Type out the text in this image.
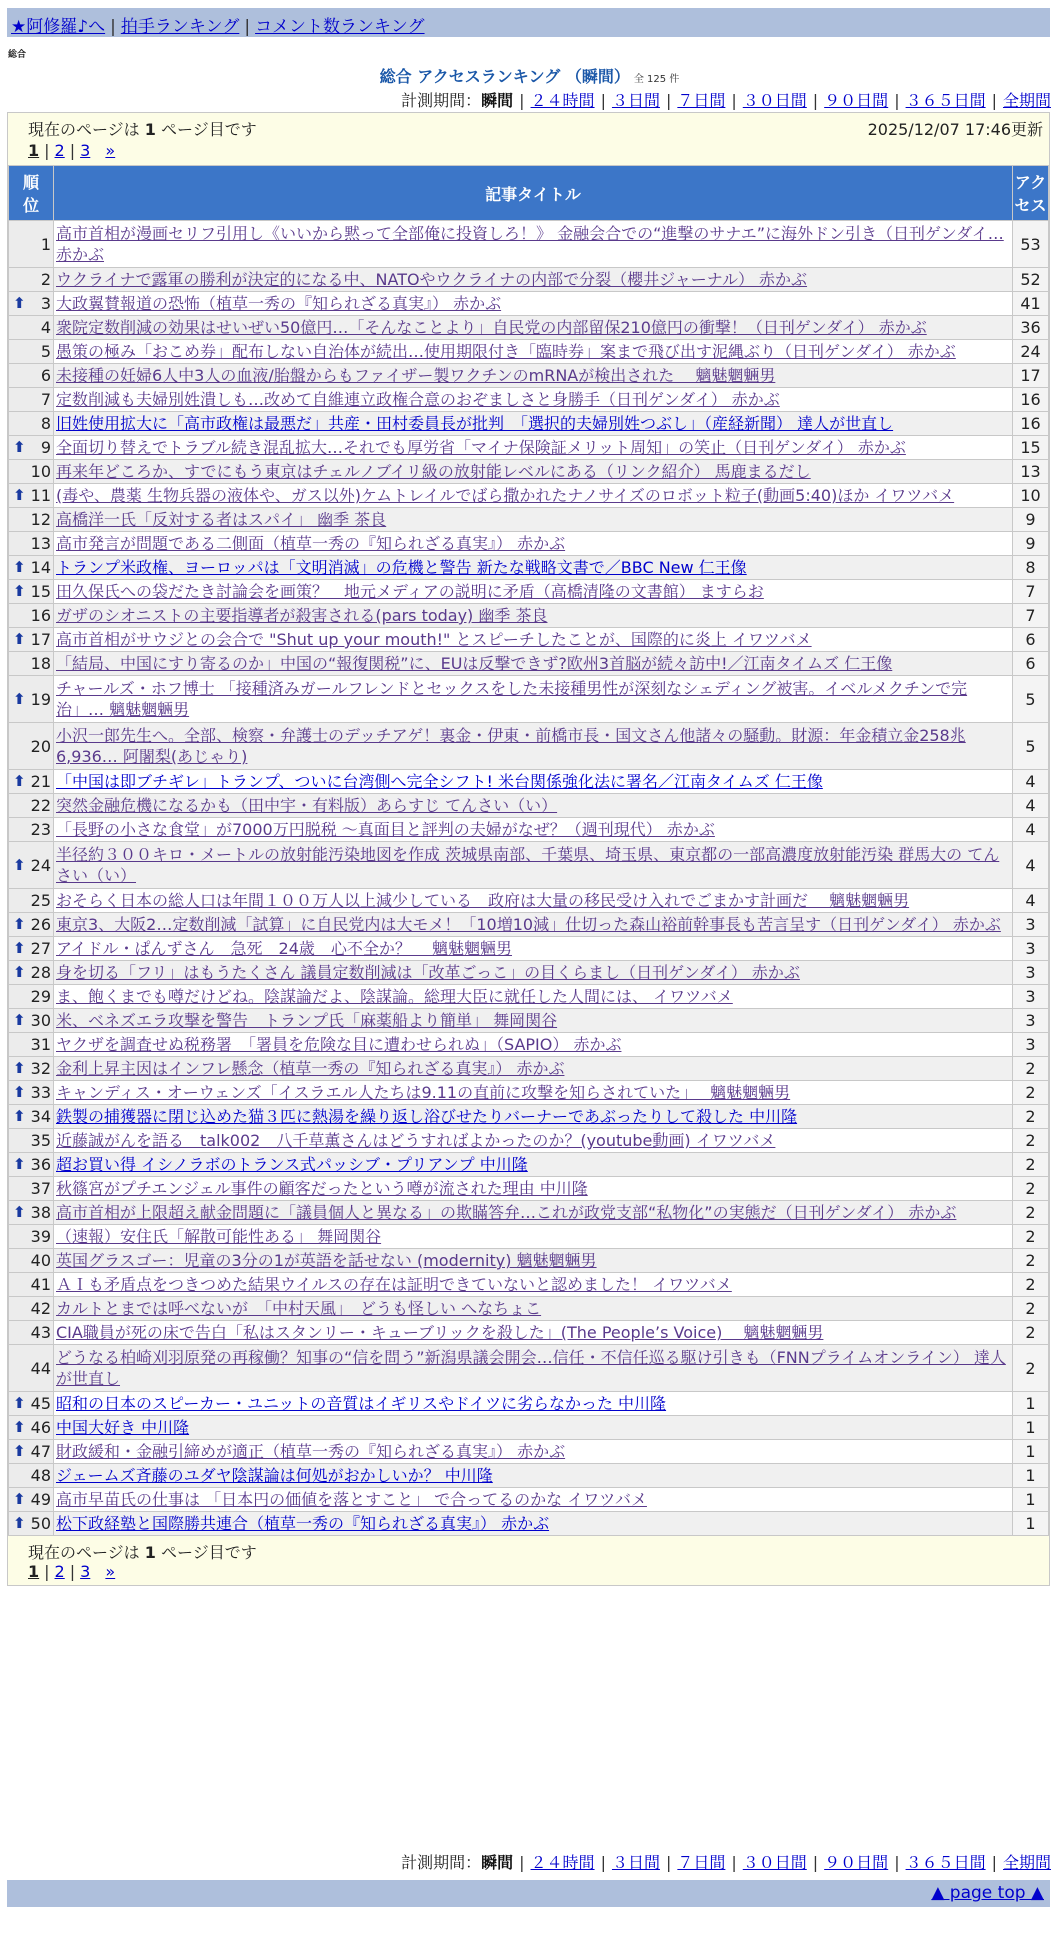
★阿修羅♪へ | 拍手ランキング | コメント数ランキング
総合
総合 アクセスランキング （瞬間） 全 125 件
計測期間：瞬間 | ２４時間 | ３日間 | ７日間 | ３０日間 | ９０日間 | ３６５日間 | 全期間
現在のページは 1 ページ目です	2025/12/07 17:46更新
1 | 2 | 3 »
順
位	記事タイトル	アク
セス
1	高市首相が漫画セリフ引用し《いいから黙って全部俺に投資しろ！》 金融会合での“進撃のサナエ”に海外ドン引き（日刊ゲンダイ… 赤かぶ	53
2	ウクライナで露軍の勝利が決定的になる中、NATOやウクライナの内部で分裂（櫻井ジャーナル） 赤かぶ	52

⬆ 3	大政翼賛報道の恐怖（植草一秀の『知られざる真実』） 赤かぶ	41
4	衆院定数削減の効果はせいぜい50億円…「そんなことより」自民党の内部留保210億円の衝撃！（日刊ゲンダイ） 赤かぶ	36
5	愚策の極み「おこめ券」配布しない自治体が続出…使用期限付き「臨時券」案まで飛び出す泥縄ぶり（日刊ゲンダイ） 赤かぶ	24
6	未接種の妊婦6人中3人の血液/胎盤からもファイザー製ワクチンのmRNAが検出された　 魑魅魍魎男	17
7	定数削減も夫婦別姓潰しも…改めて自維連立政権合意のおぞましさと身勝手（日刊ゲンダイ） 赤かぶ	16
8	旧姓使用拡大に「高市政権は最悪だ」共産・田村委員長が批判　「選択的夫婦別姓つぶし」（産経新聞） 達人が世直し	16

⬆ 9	全面切り替えでトラブル続き混乱拡大…それでも厚労省「マイナ保険証メリット周知」の笑止（日刊ゲンダイ） 赤かぶ	15
10	再来年どころか、すでにもう東京はチェルノブイリ級の放射能レベルにある（リンク紹介） 馬鹿まるだし	13

⬆ 11	(毒や、農薬 生物兵器の液体や、ガス以外)ケムトレイルでばら撒かれたナノサイズのロボット粒子(動画5:40)ほか イワツバメ	10
12	高橋洋一氏「反対する者はスパイ」 幽季 茶良	9
13	高市発言が問題である二側面（植草一秀の『知られざる真実』） 赤かぶ	9

⬆ 14	トランプ米政権、ヨーロッパは「文明消滅」の危機と警告 新たな戦略文書で／BBC New 仁王像	8

⬆ 15	田久保氏への袋だたき討論会を画策？　地元メディアの説明に矛盾（高橋清隆の文書館） ますらお	7
16	ガザのシオニストの主要指導者が殺害される(pars today) 幽季 茶良	7

⬆ 17	高市首相がサウジとの会合で "Shut up your mouth!" とスピーチしたことが、国際的に炎上 イワツバメ	6
18	「結局、中国にすり寄るのか」中国の“報復関税”に、EUは反撃できず?欧州3首脳が続々訪中!／江南タイムズ 仁王像	6

⬆ 19	チャールズ・ホフ博士 「接種済みガールフレンドとセックスをした未接種男性が深刻なシェディング被害。イベルメクチンで完治」… 魑魅魍魎男	5
20	小沢一郎先生へ。全部、検察・弁護士のデッチアゲ！裏金・伊東・前橋市長・国文さん他諸々の騒動。財源：年金積立金258兆6,936… 阿闍梨(あじゃり)	5

⬆ 21	「中国は即ブチギレ」トランプ、ついに台湾側へ完全シフト! 米台関係強化法に署名／江南タイムズ 仁王像	4
22	突然金融危機になるかも（田中宇・有料版）あらすじ てんさい（い）	4
23	「長野の小さな食堂」が7000万円脱税 ～真面目と評判の夫婦がなぜ？（週刊現代） 赤かぶ	4

⬆ 24	半径約３００キロ・メートルの放射能汚染地図を作成 茨城県南部、千葉県、埼玉県、東京都の一部高濃度放射能汚染 群馬大の てんさい（い）	4
25	おそらく日本の総人口は年間１００万人以上減少している　政府は大量の移民受け入れでごまかす計画だ　 魑魅魍魎男	4

⬆ 26	東京3、大阪2…定数削減「試算」に自民党内は大モメ！「10増10減」仕切った森山裕前幹事長も苦言呈す（日刊ゲンダイ） 赤かぶ	3

⬆ 27	アイドル・ぱんずさん　急死　24歳　心不全か？　 魑魅魍魎男	3

⬆ 28	身を切る「フリ」はもうたくさん 議員定数削減は「改革ごっこ」の目くらまし（日刊ゲンダイ） 赤かぶ	3
29	ま、飽くまでも噂だけどね。陰謀論だよ、陰謀論。総理大臣に就任した人間には、 イワツバメ	3

⬆ 30	米、ベネズエラ攻撃を警告　トランプ氏「麻薬船より簡単」 舞岡関谷	3
31	ヤクザを調査せぬ税務署　「署員を危険な目に遭わせられぬ」（SAPIO） 赤かぶ	3

⬆ 32	金利上昇主因はインフレ懸念（植草一秀の『知られざる真実』） 赤かぶ	2

⬆ 33	キャンディス・オーウェンズ「イスラエル人たちは9.11の直前に攻撃を知らされていた」　 魑魅魍魎男	2

⬆ 34	鉄製の捕獲器に閉じ込めた猫３匹に熱湯を繰り返し浴びせたりバーナーであぶったりして殺した 中川隆	2
35	近藤誠がんを語る　talk002　八千草薫さんはどうすればよかったのか？(youtube動画) イワツバメ	2

⬆ 36	超お買い得 イシノラボのトランス式パッシブ・プリアンプ 中川隆	2
37	秋篠宮がプチエンジェル事件の顧客だったという噂が流された理由 中川隆	2

⬆ 38	高市首相が上限超え献金問題に「議員個人と異なる」の欺瞞答弁…これが政党支部“私物化”の実態だ（日刊ゲンダイ） 赤かぶ	2
39	（速報）安住氏「解散可能性ある」 舞岡関谷	2
40	英国グラスゴー：児童の3分の1が英語を話せない (modernity) 魑魅魍魎男	2
41	ＡＩも矛盾点をつきつめた結果ウイルスの存在は証明できていないと認めました！ イワツバメ	2
42	カルトとまでは呼べないが　「中村天風」　どうも怪しい へなちょこ	2
43	CIA職員が死の床で告白「私はスタンリー・キューブリックを殺した」(The People’s Voice)　 魑魅魍魎男	2
44	どうなる柏崎刈羽原発の再稼働？知事の“信を問う”新潟県議会開会…信任・不信任巡る駆け引きも（FNNプライムオンライン） 達人が世直し	2

⬆ 45	昭和の日本のスピーカー・ユニットの音質はイギリスやドイツに劣らなかった 中川隆	1

⬆ 46	中国大好き 中川隆	1

⬆ 47	財政緩和・金融引締めが適正（植草一秀の『知られざる真実』） 赤かぶ	1
48	ジェームズ斉藤のユダヤ陰謀論は何処がおかしいか？ 中川隆	1

⬆ 49	高市早苗氏の仕事は 「日本円の価値を落とすこと」 で合ってるのかな イワツバメ	1

⬆ 50	松下政経塾と国際勝共連合（植草一秀の『知られざる真実』） 赤かぶ	1
現在のページは 1 ページ目です
1 | 2 | 3 »
計測期間：瞬間 | ２４時間 | ３日間 | ７日間 | ３０日間 | ９０日間 | ３６５日間 | 全期間
▲ page top ▲
